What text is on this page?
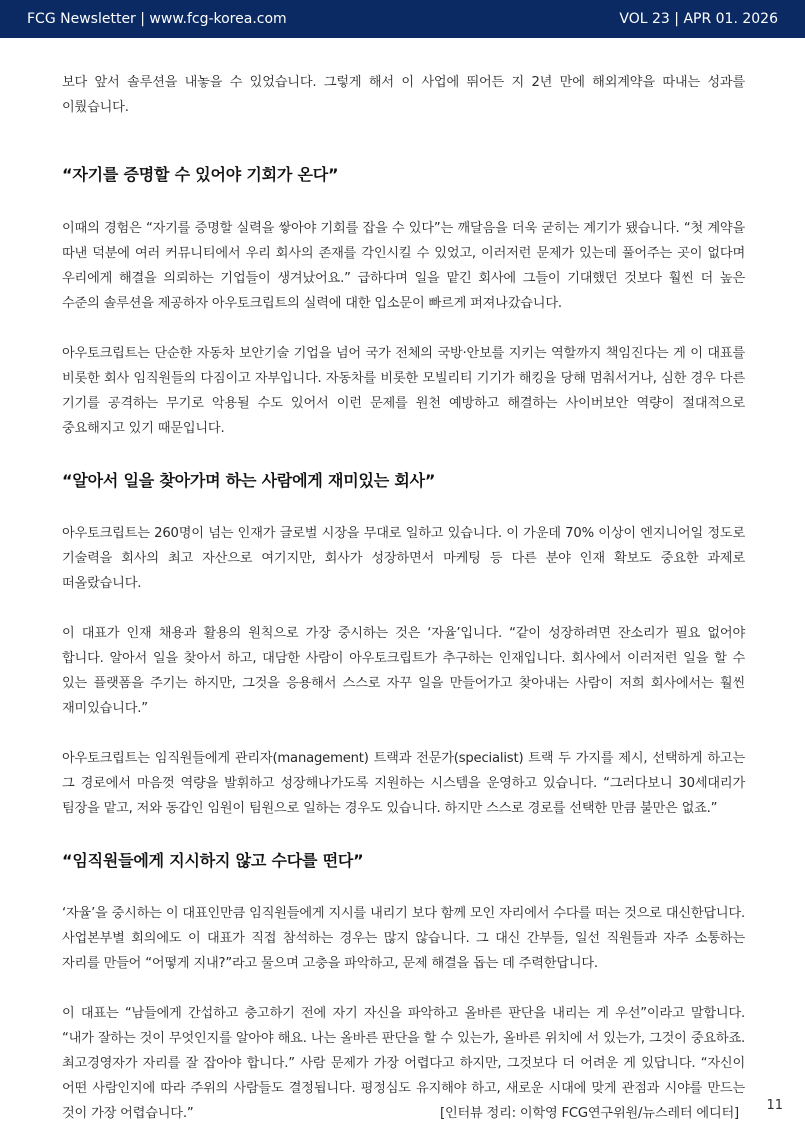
FCG Newsletter | www.fcg-korea.com	VOL 23 | APR 01. 2026

보다 앞서 솔루션을 내놓을 수 있었습니다. 그렇게 해서 이 사업에 뛰어든 지 2년 만에 해외계약을 따내는 성과를 이뤘습니다.

“자기를 증명할 수 있어야 기회가 온다”

이때의 경험은 “자기를 증명할 실력을 쌓아야 기회를 잡을 수 있다”는 깨달음을 더욱 굳히는 계기가 됐습니다. “첫 계약을 따낸 덕분에 여러 커뮤니티에서 우리 회사의 존재를 각인시킬 수 있었고, 이러저런 문제가 있는데 풀어주는 곳이 없다며 우리에게 해결을 의뢰하는 기업들이 생겨났어요.” 급하다며 일을 맡긴 회사에 그들이 기대했던 것보다 훨씬 더 높은 수준의 솔루션을 제공하자 아우토크립트의 실력에 대한 입소문이 빠르게 퍼져나갔습니다.

아우토크립트는 단순한 자동차 보안기술 기업을 넘어 국가 전체의 국방·안보를 지키는 역할까지 책임진다는 게 이 대표를 비롯한 회사 임직원들의 다짐이고 자부입니다. 자동차를 비롯한 모빌리티 기기가 해킹을 당해 멈춰서거나, 심한 경우 다른 기기를 공격하는 무기로 악용될 수도 있어서 이런 문제를 원천 예방하고 해결하는 사이버보안 역량이 절대적으로 중요해지고 있기 때문입니다.

“알아서 일을 찾아가며 하는 사람에게 재미있는 회사”

아우토크립트는 260명이 넘는 인재가 글로벌 시장을 무대로 일하고 있습니다. 이 가운데 70% 이상이 엔지니어일 정도로 기술력을 회사의 최고 자산으로 여기지만, 회사가 성장하면서 마케팅 등 다른 분야 인재 확보도 중요한 과제로 떠올랐습니다.

이 대표가 인재 채용과 활용의 원칙으로 가장 중시하는 것은 ‘자율’입니다. “같이 성장하려면 잔소리가 필요 없어야 합니다. 알아서 일을 찾아서 하고, 대담한 사람이 아우토크립트가 추구하는 인재입니다. 회사에서 이러저런 일을 할 수 있는 플랫폼을 주기는 하지만, 그것을 응용해서 스스로 자꾸 일을 만들어가고 찾아내는 사람이 저희 회사에서는 훨씬 재미있습니다.”

아우토크립트는 임직원들에게 관리자(management) 트랙과 전문가(specialist) 트랙 두 가지를 제시, 선택하게 하고는 그 경로에서 마음껏 역량을 발휘하고 성장해나가도록 지원하는 시스템을 운영하고 있습니다. “그러다보니 30세대리가 팀장을 맡고, 저와 동갑인 임원이 팀원으로 일하는 경우도 있습니다. 하지만 스스로 경로를 선택한 만큼 불만은 없죠.”

“임직원들에게 지시하지 않고 수다를 떤다”

‘자율’을 중시하는 이 대표인만큼 임직원들에게 지시를 내리기 보다 함께 모인 자리에서 수다를 떠는 것으로 대신한답니다. 사업본부별 회의에도 이 대표가 직접 참석하는 경우는 많지 않습니다. 그 대신 간부들, 일선 직원들과 자주 소통하는 자리를 만들어 “어떻게 지내?”라고 물으며 고충을 파악하고, 문제 해결을 돕는 데 주력한답니다.

이 대표는 “남들에게 간섭하고 충고하기 전에 자기 자신을 파악하고 올바른 판단을 내리는 게 우선”이라고 말합니다. “내가 잘하는 것이 무엇인지를 알아야 해요. 나는 올바른 판단을 할 수 있는가, 올바른 위치에 서 있는가, 그것이 중요하죠. 최고경영자가 자리를 잘 잡아야 합니다.” 사람 문제가 가장 어렵다고 하지만, 그것보다 더 어려운 게 있답니다. “자신이 어떤 사람인지에 따라 주위의 사람들도 결정됩니다. 평정심도 유지해야 하고, 새로운 시대에 맞게 관점과 시야를 만드는 것이 가장 어렵습니다.”	[인터뷰 정리: 이학영 FCG연구위원/뉴스레터 에디터]

11
